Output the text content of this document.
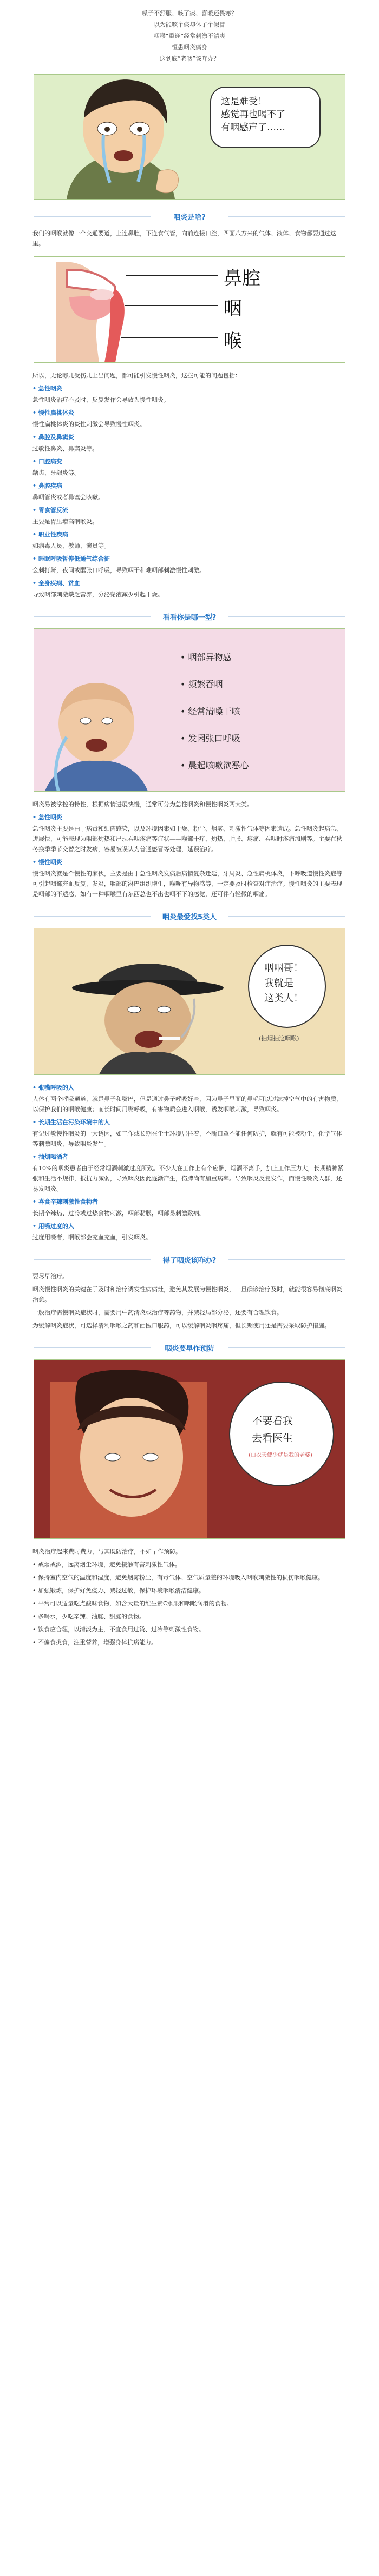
嗓子不舒服、咳了痰、喜暖还畏寒？

以为能咳个痰却休了个假冒

咽喉“重逢”经常刺激不清爽

恒患咽炎痛身

这到底“老咽”该咋办？

这是难受！
感觉再也喝不了
有咽感声了……
咽炎是啥?

我们的咽喉就像一个交通要道，上连鼻腔，下连食气管，向前连接口腔，四面八方来的气体、液体、食物都要通过这里。

鼻腔
咽
喉

所以，无论哪儿受伤儿上出问题，都可能引发慢性咽炎，这些可能的问题包括：

• 急性咽炎

急性咽炎治疗不及时、反复发作会导致为慢性咽炎。

• 慢性扁桃体炎

慢性扁桃体炎的炎性刺激会导致慢性咽炎。

• 鼻腔及鼻窦炎

过敏性鼻炎、鼻窦炎等。

• 口腔病变

龋齿、牙龈炎等。

• 鼻腔疾病

鼻咽管炎或者鼻塞会咳嗽。

• 胃食管反流

主要是胃压增高咽喉炎。

• 职业性疾病

如病毒人员、教师、演员等。

• 睡眠呼吸暂停低通气综合征

会刺打鼾，夜间或醒张口呼吸，导致咽干和难咽部刺激慢性刺激。

• 全身疾病、贫血

导致咽部刺激缺乏营养，分泌黏液减少引起干燥。

看看你是哪一型?
• 咽部异物感
• 频繁吞咽
• 经常清嗓干咳
• 发闲张口呼吸
• 晨起咳嗽欲恶心

咽炎易被掌控的特性，根据病情进展快慢，通常可分为急性咽炎和慢性咽炎两大类。

• 急性咽炎

急性咽炎主要是由于病毒和细菌感染，以及环境因素如干燥、粉尘、烟雾、刺激性气体等因素造成。急性咽炎起病急、进展快，可能表现为咽部灼热和出现吞咽疼痛等症状——喉部干痒、灼热、肿胀、疼痛、吞咽时疼痛加剧等。主要在秋冬换季季节交替之时发病，容易被误认为普通感冒等处理，延误治疗。

• 慢性咽炎

慢性咽炎就是个慢性的家伙，主要是由于急性咽炎发病后病情复杂迁延，牙周炎、急性扁桃体炎，下呼吸道慢性炎症等可引起咽部充血反复，发炎，咽部的淋巴组织增生，喉咙有异物感等，一定要及时检查对症治疗。慢性咽炎的主要表现是咽部的不适感，如有一种咽喉里有东西总也不出也咽不下的感觉，还可伴有轻微的咽痛。

咽炎最爱找5类人
咽咽哥！
我就是
这类人！
(抽烟抽这咽喉)
• 张嘴呼吸的人

人体有两个呼吸通道，就是鼻子和嘴巴，但是通过鼻子呼吸好些，因为鼻子里面的鼻毛可以过滤掉空气中的有害物质，以保护我们的咽喉健康；而长时间用嘴呼吸，有害物质会进入咽喉，诱发咽喉刺激，导致咽炎。

• 长期生活在污染环境中的人

有记过敏慢性咽炎的一大诱因，如工作或长期在尘土环境居住着，不断口罩不能任何防护，就有可能被粉尘，化学气体等刺激咽炎，导致咽炎发生。

• 抽烟喝酒者

有10%的咽炎患者由于经常烟酒刺激过度所致。不少人在工作上有个应酬，烟酒不离手，加上工作压力大，长期精神紧张和生活不规律，抵抗力减弱，导致咽炎因此逐渐产生，伤脾尚有加重病率。导致咽炎反复发作，而慢性嗓炎人群，还易发咽炎。

• 喜食辛辣刺激性食物者

长期辛辣热、过冷或过热食物刺激，咽部黏膜，咽部易刺激致病。

• 用嗓过度的人

过度用嗓者，咽喉部会充血充血，引发咽炎。

得了咽炎该咋办?

要尽早治疗。

咽炎慢性咽炎的关键在于及时和治疗诱发性病病灶，避免其发展为慢性咽炎，一旦确诊治疗及时，就能很容易彻底咽炎治愈。

一般治疗需慢咽炎症状时，需要用中药清炎或治疗等药物，并减轻局部分泌，还要有合理饮食。

为缓解咽炎症状，可选择清利咽喉之药和西医口服药，可以缓解咽炎咽疼痛，但长期使用还是需要采取防护措施。

咽炎要早作预防
不要看我
去看医生
(白衣天使少就是我的老婆)

咽炎治疗起来费时费力，与其既防治疗，不如早作预防。

• 戒烟戒酒，远离烟尘环境，避免接触有害刺激性气体。

• 保持室内空气的温度和湿度，避免烟雾粉尘，有毒气体、空气质量差的环境吸入咽喉刺激性的损伤咽喉健康。

• 加强锻炼，保护好免疫力、减轻过敏，保护环境咽喉清洁健康。

• 平常可以适量吃点酸味食物，如含大量的维生素C水果和咽喉润滑的食物。

• 多喝水，少吃辛辣、油腻、甜腻的食物。

• 饮食应合理，以清淡为主，不宜食用过烫、过冷等刺激性食物。

• 不偏食挑食，注重营养，增强身体抗病能力。
